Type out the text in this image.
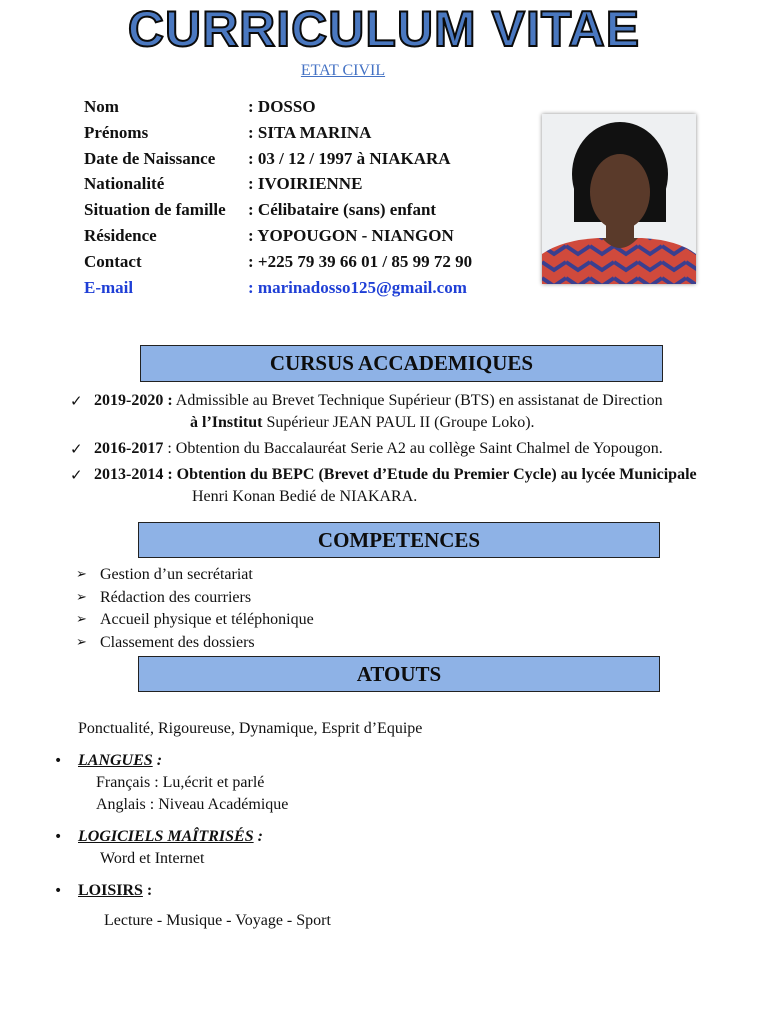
CURRICULUM VITAE
ETAT CIVIL
Nom	: DOSSO
Prénoms	: SITA MARINA
Date de Naissance : 03 / 12 / 1997 à NIAKARA
Nationalité	: IVOIRIENNE
Situation de famille : Célibataire (sans) enfant
Résidence	: YOPOUGON - NIANGON
Contact	: +225 79 39 66 01 / 85 99 72 90
E-mail	: marinadosso125@gmail.com
CURSUS ACCADEMIQUES
✓ 2019-2020 : Admissible au Brevet Technique Supérieur (BTS) en assistanat de Direction
à l’Institut Supérieur JEAN PAUL II (Groupe Loko).
✓ 2016-2017 : Obtention du Baccalauréat Serie A2 au collège Saint Chalmel de Yopougon.
✓ 2013-2014 : Obtention du BEPC (Brevet d’Etude du Premier Cycle) au lycée Municipale
Henri Konan Bedié de NIAKARA.
COMPETENCES
➢ Gestion d’un secrétariat
➢ Rédaction des courriers
➢ Accueil physique et téléphonique
➢ Classement des dossiers
ATOUTS
Ponctualité, Rigoureuse, Dynamique, Esprit d’Equipe
• LANGUES :
Français : Lu,écrit et parlé
Anglais : Niveau Académique
• LOGICIELS MAÎTRISÉS :
Word et Internet
• LOISIRS :
Lecture - Musique - Voyage - Sport
